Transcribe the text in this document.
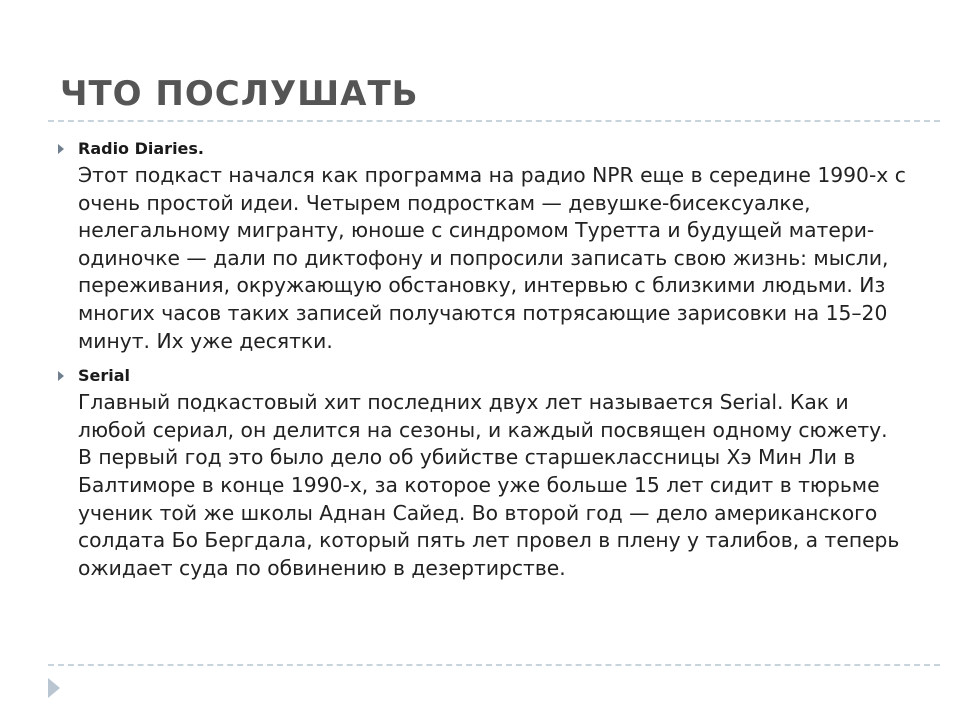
ЧТО ПОСЛУШАТЬ
Radio Diaries.
Этот подкаст начался как программа на радио NPR еще в середине 1990-х с очень простой идеи. Четырем подросткам — девушке-бисексуалке, нелегальному мигранту, юноше с синдромом Туретта и будущей матери-одиночке — дали по диктофону и попросили записать свою жизнь: мысли, переживания, окружающую обстановку, интервью с близкими людьми. Из многих часов таких записей получаются потрясающие зарисовки на 15–20 минут. Их уже десятки.
Serial
Главный подкастовый хит последних двух лет называется Serial. Как и любой сериал, он делится на сезоны, и каждый посвящен одному сюжету. В первый год это было дело об убийстве старшеклассницы Хэ Мин Ли в Балтиморе в конце 1990-х, за которое уже больше 15 лет сидит в тюрьме ученик той же школы Аднан Сайед. Во второй год — дело американского солдата Бо Бергдала, который пять лет провел в плену у талибов, а теперь ожидает суда по обвинению в дезертирстве.
